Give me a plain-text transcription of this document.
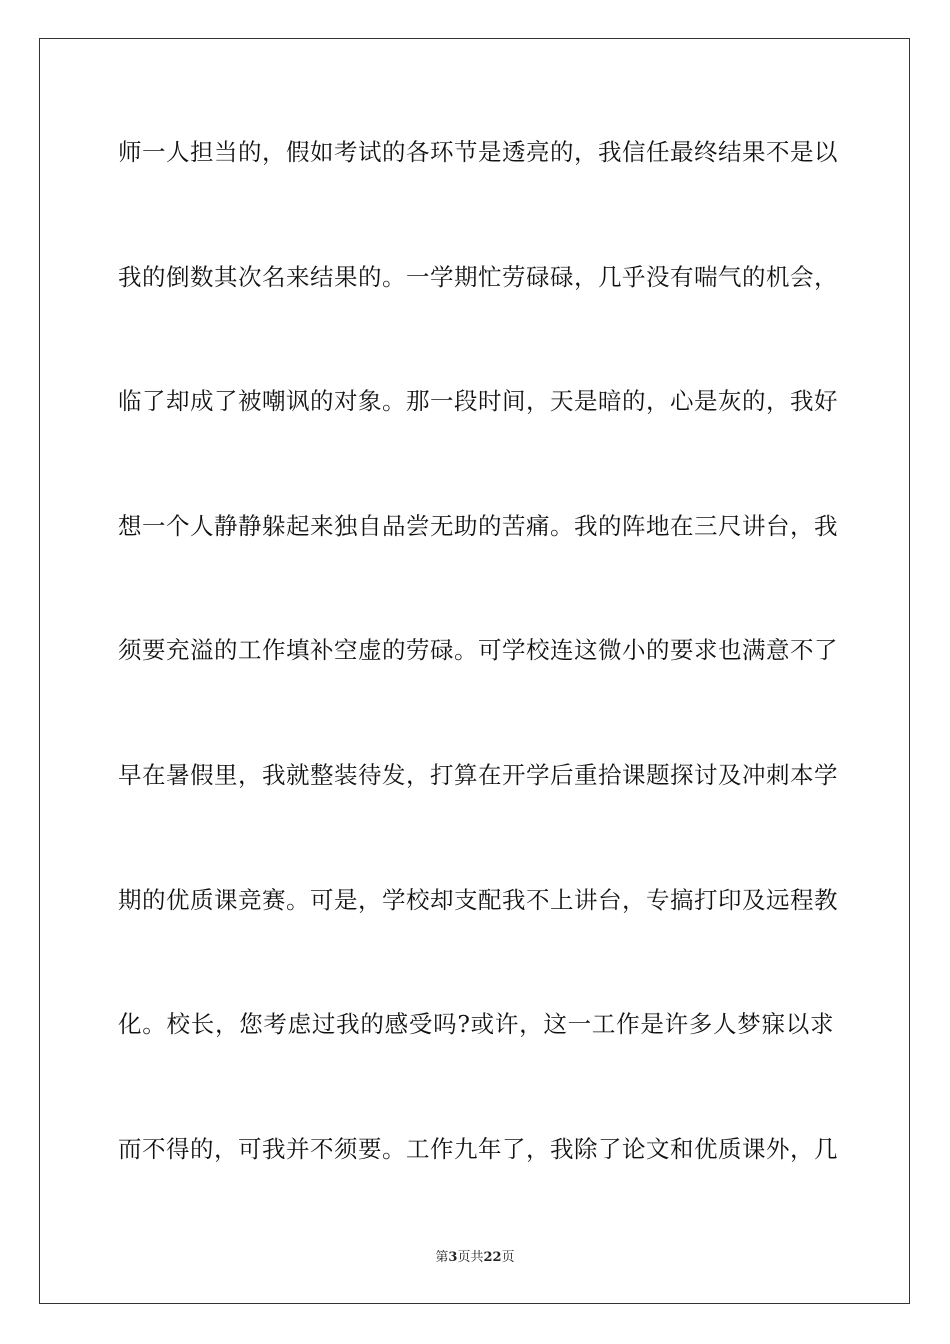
师一人担当的，假如考试的各环节是透亮的，我信任最终结果不是以
我的倒数其次名来结果的。一学期忙劳碌碌，几乎没有喘气的机会，
临了却成了被嘲讽的对象。那一段时间，天是暗的，心是灰的，我好
想一个人静静躲起来独自品尝无助的苦痛。我的阵地在三尺讲台，我
须要充溢的工作填补空虚的劳碌。可学校连这微小的要求也满意不了
早在暑假里，我就整装待发，打算在开学后重拾课题探讨及冲刺本学
期的优质课竞赛。可是，学校却支配我不上讲台，专搞打印及远程教
化。校长，您考虑过我的感受吗?或许，这一工作是许多人梦寐以求
而不得的，可我并不须要。工作九年了，我除了论文和优质课外，几
第3页共22页
